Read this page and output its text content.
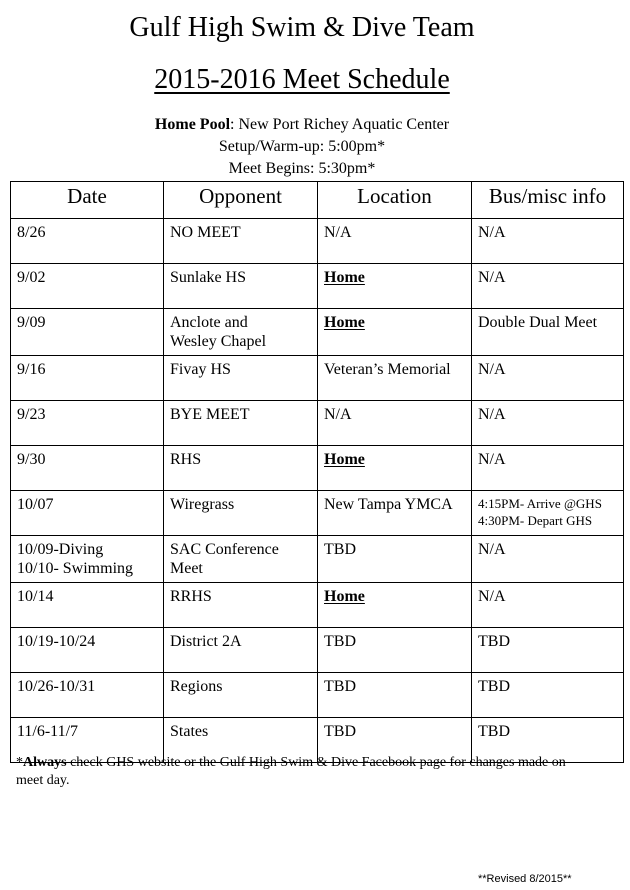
Gulf High Swim & Dive Team
2015-2016 Meet Schedule
Home Pool: New Port Richey Aquatic Center
Setup/Warm-up: 5:00pm*
Meet Begins: 5:30pm*
Date	Opponent	Location	Bus/misc info

8/26	NO MEET	N/A	N/A

9/02	Sunlake HS	Home	N/A

9/09	Anclote and
Wesley Chapel	Home	Double Dual Meet

9/16	Fivay HS	Veteran’s Memorial	N/A

9/23	BYE MEET	N/A	N/A

9/30	RHS	Home	N/A

10/07	Wiregrass	New Tampa YMCA	4:15PM- Arrive @GHS
4:30PM- Depart GHS

10/09-Diving
10/10- Swimming	SAC Conference
Meet	TBD	N/A

10/14	RRHS	Home	N/A

10/19-10/24	District 2A	TBD	TBD

10/26-10/31	Regions	TBD	TBD

11/6-11/7	States	TBD	TBD
*Always check GHS website or the Gulf High Swim & Dive Facebook page for changes made on meet day.
**Revised 8/2015**
